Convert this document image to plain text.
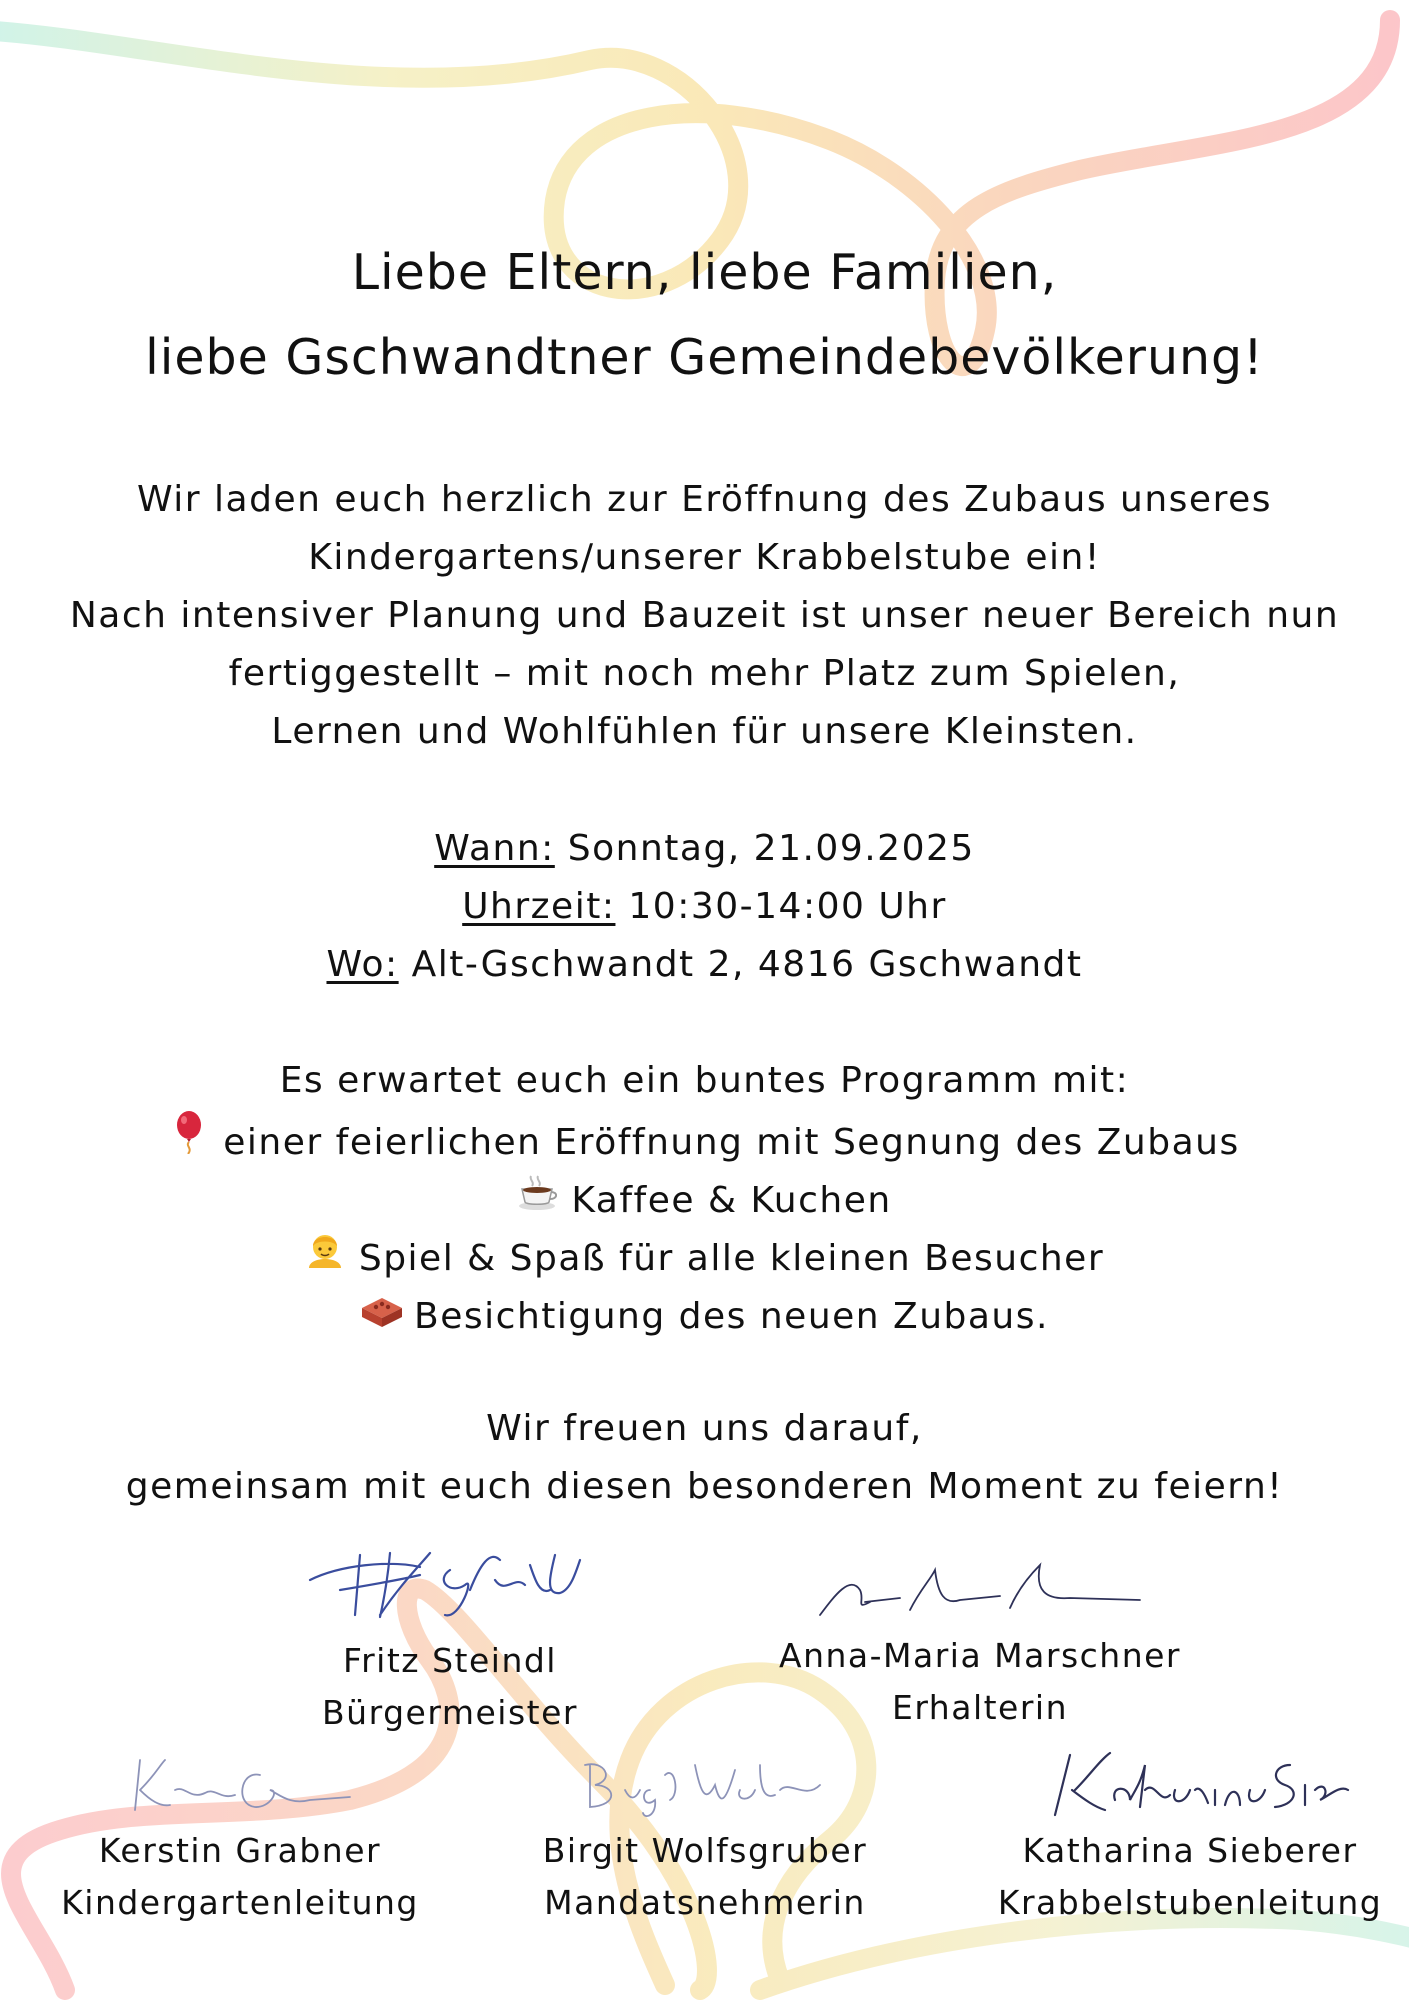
Liebe Eltern, liebe Familien,
liebe Gschwandtner Gemeindebevölkerung!
Wir laden euch herzlich zur Eröffnung des Zubaus unseres
Kindergartens/unserer Krabbelstube ein!
Nach intensiver Planung und Bauzeit ist unser neuer Bereich nun
fertiggestellt – mit noch mehr Platz zum Spielen,
Lernen und Wohlfühlen für unsere Kleinsten.
Wann: Sonntag, 21.09.2025
Uhrzeit: 10:30-14:00 Uhr
Wo: Alt-Gschwandt 2, 4816 Gschwandt
Es erwartet euch ein buntes Programm mit:
einer feierlichen Eröffnung mit Segnung des Zubaus
Kaffee & Kuchen
Spiel & Spaß für alle kleinen Besucher
Besichtigung des neuen Zubaus.
Wir freuen uns darauf,
gemeinsam mit euch diesen besonderen Moment zu feiern!
Fritz Steindl
Bürgermeister
Anna-Maria Marschner
Erhalterin
Kerstin Grabner
Kindergartenleitung
Birgit Wolfsgruber
Mandatsnehmerin
Katharina Sieberer
Krabbelstubenleitung
